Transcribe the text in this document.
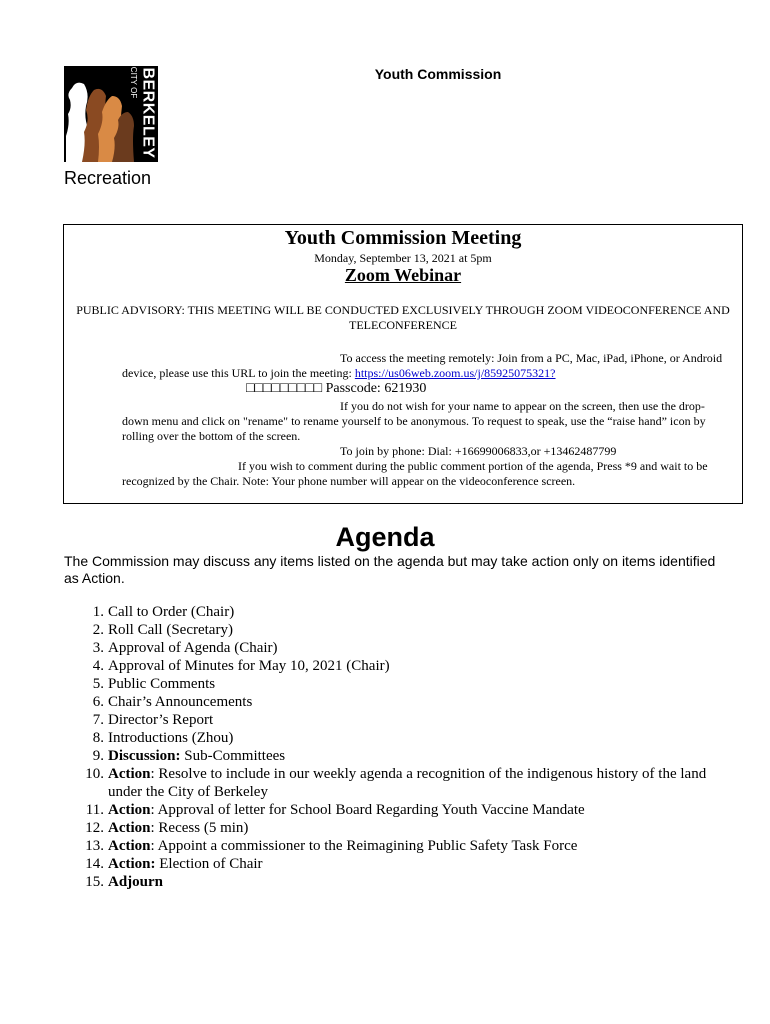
CITY OF BERKELEY	Youth Commission
Recreation
Youth Commission Meeting
Monday, September 13, 2021 at 5pm
Zoom Webinar
PUBLIC ADVISORY: THIS MEETING WILL BE CONDUCTED EXCLUSIVELY THROUGH ZOOM VIDEOCONFERENCE AND TELECONFERENCE
To access the meeting remotely: Join from a PC, Mac, iPad, iPhone, or Android
device, please use this URL to join the meeting: https://us06web.zoom.us/j/85925075321?
□□□□□□□□□ Passcode: 621930
If you do not wish for your name to appear on the screen, then use the drop-
down menu and click on "rename" to rename yourself to be anonymous. To request to speak, use the “raise hand” icon by
rolling over the bottom of the screen.
To join by phone: Dial: +16699006833,or +13462487799
If you wish to comment during the public comment portion of the agenda, Press *9 and wait to be
recognized by the Chair. Note: Your phone number will appear on the videoconference screen.
Agenda
The Commission may discuss any items listed on the agenda but may take action only on items identified as Action.
1. Call to Order (Chair)
2. Roll Call (Secretary)
3. Approval of Agenda (Chair)
4. Approval of Minutes for May 10, 2021 (Chair)
5. Public Comments
6. Chair’s Announcements
7. Director’s Report
8. Introductions (Zhou)
9. Discussion: Sub-Committees
10. Action: Resolve to include in our weekly agenda a recognition of the indigenous history of the land under the City of Berkeley
11. Action: Approval of letter for School Board Regarding Youth Vaccine Mandate
12. Action: Recess (5 min)
13. Action: Appoint a commissioner to the Reimagining Public Safety Task Force
14. Action: Election of Chair
15. Adjourn
